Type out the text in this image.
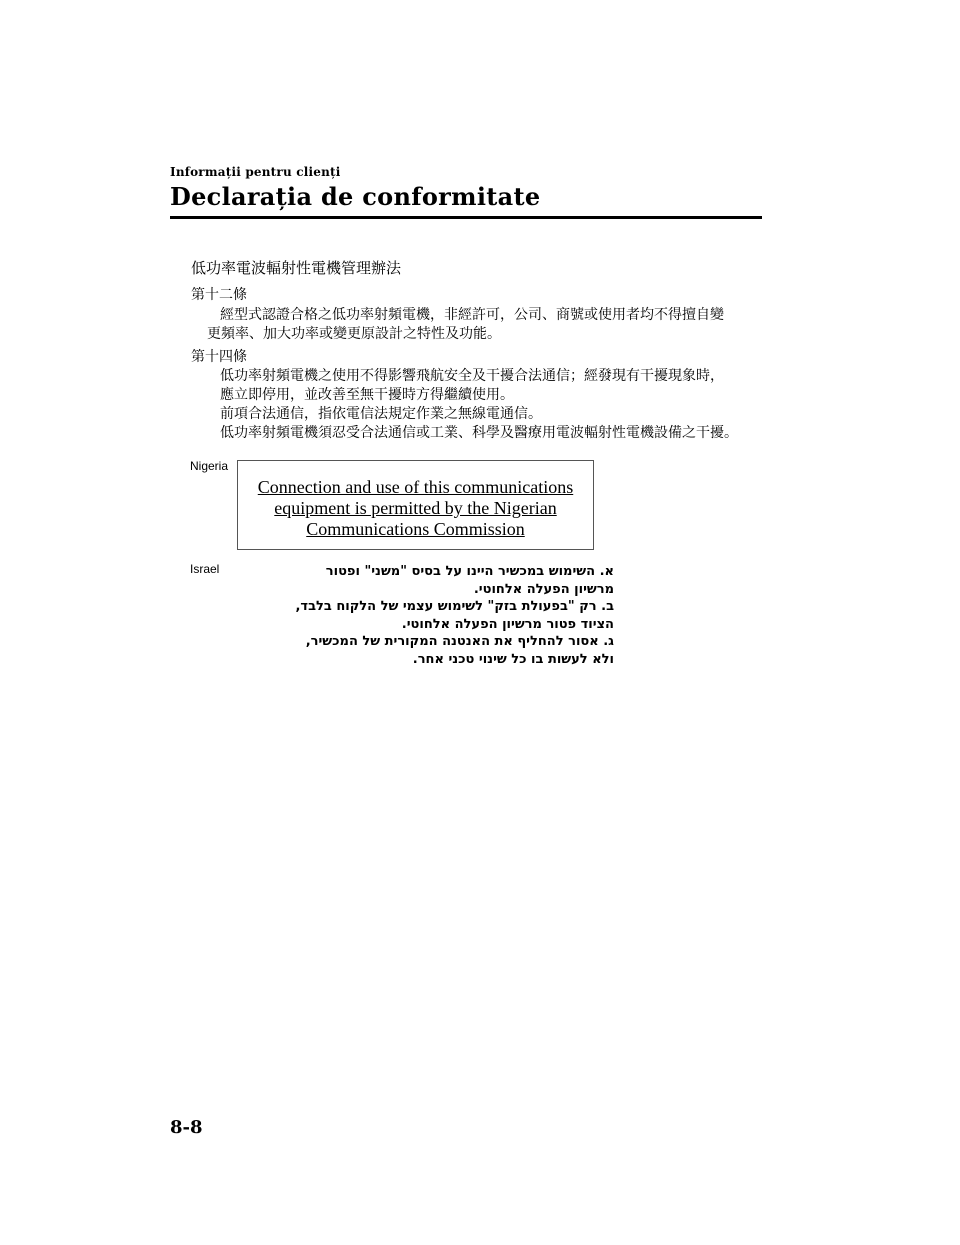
Informații pentru clienți
Declarația de conformitate
低功率電波輻射性電機管理辦法
第十二條
經型式認證合格之低功率射頻電機，非經許可，公司、商號或使用者均不得擅自變
更頻率、加大功率或變更原設計之特性及功能。
第十四條
低功率射頻電機之使用不得影響飛航安全及干擾合法通信；經發現有干擾現象時，
應立即停用，並改善至無干擾時方得繼續使用。
前項合法通信，指依電信法規定作業之無線電通信。
低功率射頻電機須忍受合法通信或工業、科學及醫療用電波輻射性電機設備之干擾。
Nigeria
Connection and use of this communications
equipment is permitted by the Nigerian
Communications Commission
Israel	א. השימוש במכשיר היינו על בסיס "משני" ופטור
מרשיון הפעלה אלחוטי.
ב. רק "בפעולת בזק" לשימוש עצמי של הלקוח בלבד,
הציוד פטור מרשיון הפעלה אלחוטי.
ג. אסור להחליף את האנטנה המקורית של המכשיר,
ולא לעשות בו כל שינוי טכני אחר.
8-8
